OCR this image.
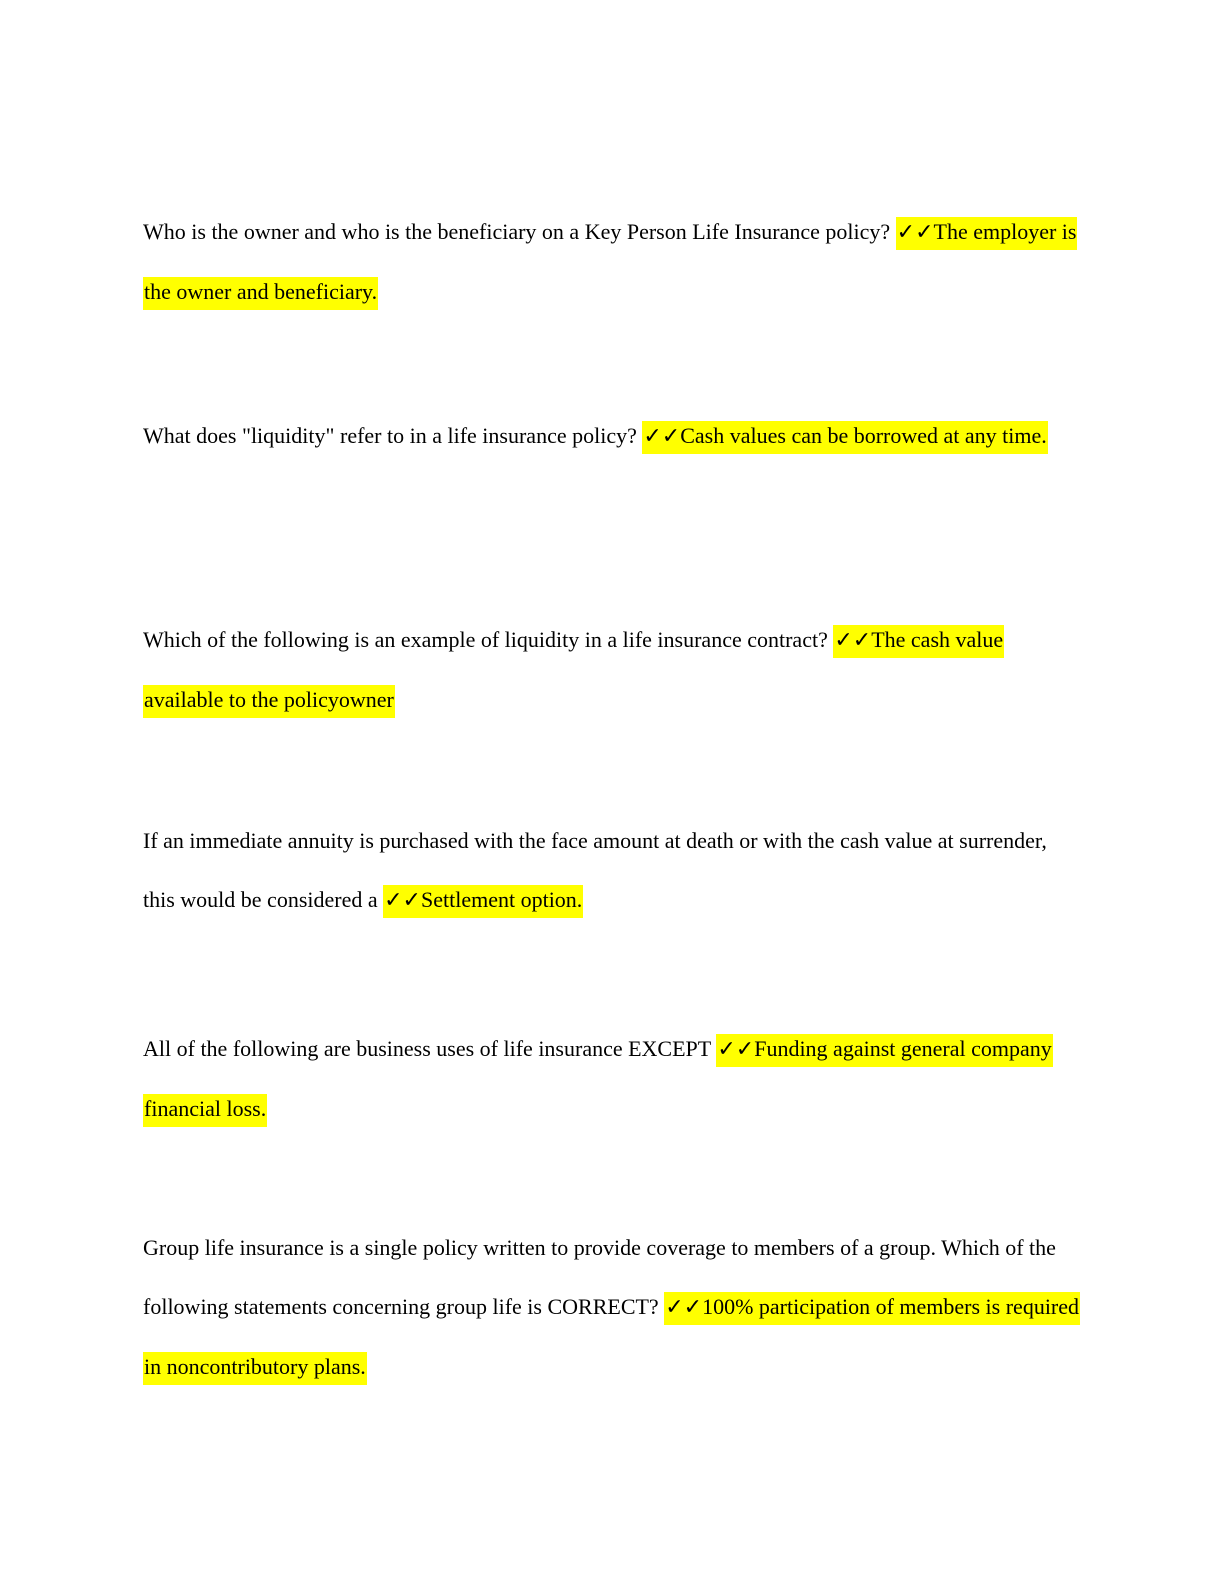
Who is the owner and who is the beneficiary on a Key Person Life Insurance policy? ✓✓The employer is the owner and beneficiary.

What does "liquidity" refer to in a life insurance policy? ✓✓Cash values can be borrowed at any time.

Which of the following is an example of liquidity in a life insurance contract? ✓✓The cash value available to the policyowner

If an immediate annuity is purchased with the face amount at death or with the cash value at surrender, this would be considered a ✓✓Settlement option.

All of the following are business uses of life insurance EXCEPT ✓✓Funding against general company financial loss.

Group life insurance is a single policy written to provide coverage to members of a group. Which of the following statements concerning group life is CORRECT? ✓✓100% participation of members is required in noncontributory plans.
